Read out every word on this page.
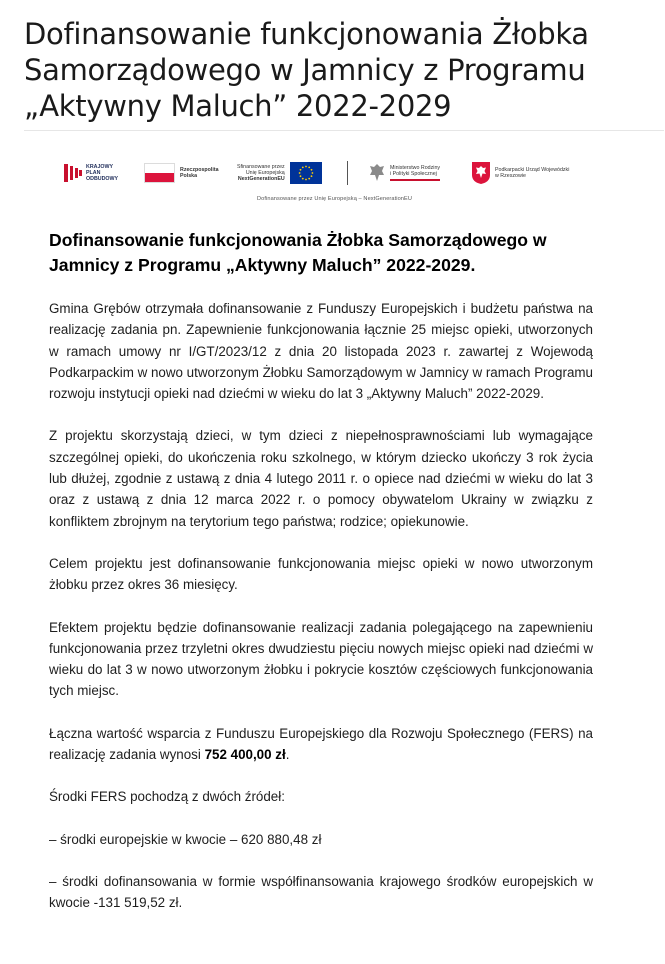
Dofinansowanie funkcjonowania Żłobka Samorządowego w Jamnicy z Programu „Aktywny Maluch” 2022-2029
KRAJOWY
PLAN
ODBUDOWY
Rzeczpospolita
Polska
Sfinansowane przez
Unię Europejską
NextGenerationEU
Ministerstwo Rodziny
i Polityki Społecznej
Podkarpacki Urząd Wojewódzki
w Rzeszowie
Dofinansowane przez Unię Europejską – NextGenerationEU
Dofinansowanie funkcjonowania Żłobka Samorządowego w Jamnicy z Programu „Aktywny Maluch” 2022-2029.

Gmina Grębów otrzymała dofinansowanie z Funduszy Europejskich i budżetu państwa na realizację zadania pn. Zapewnienie funkcjonowania łącznie 25 miejsc opieki, utworzonych w ramach umowy nr I/GT/2023/12 z dnia 20 listopada 2023 r. zawartej z Wojewodą Podkarpackim w nowo utworzonym Żłobku Samorządowym w Jamnicy w ramach Programu rozwoju instytucji opieki nad dziećmi w wieku do lat 3 „Aktywny Maluch” 2022-2029.

Z projektu skorzystają dzieci, w tym dzieci z niepełnosprawnościami lub wymagające szczególnej opieki, do ukończenia roku szkolnego, w którym dziecko ukończy 3 rok życia lub dłużej, zgodnie z ustawą z dnia 4 lutego 2011 r. o opiece nad dziećmi w wieku do lat 3 oraz z ustawą z dnia 12 marca 2022 r. o pomocy obywatelom Ukrainy w związku z konfliktem zbrojnym na terytorium tego państwa; rodzice; opiekunowie.

Celem projektu jest dofinansowanie funkcjonowania miejsc opieki w nowo utworzonym żłobku przez okres 36 miesięcy.

Efektem projektu będzie dofinansowanie realizacji zadania polegającego na zapewnieniu funkcjonowania przez trzyletni okres dwudziestu pięciu nowych miejsc opieki nad dziećmi w wieku do lat 3 w nowo utworzonym żłobku i pokrycie kosztów częściowych funkcjonowania tych miejsc.

Łączna wartość wsparcia z Funduszu Europejskiego dla Rozwoju Społecznego (FERS) na realizację zadania wynosi 752 400,00 zł.

Środki FERS pochodzą z dwóch źródeł:

– środki europejskie w kwocie – 620 880,48 zł

– środki dofinansowania w formie współfinansowania krajowego środków europejskich w kwocie -131 519,52 zł.
